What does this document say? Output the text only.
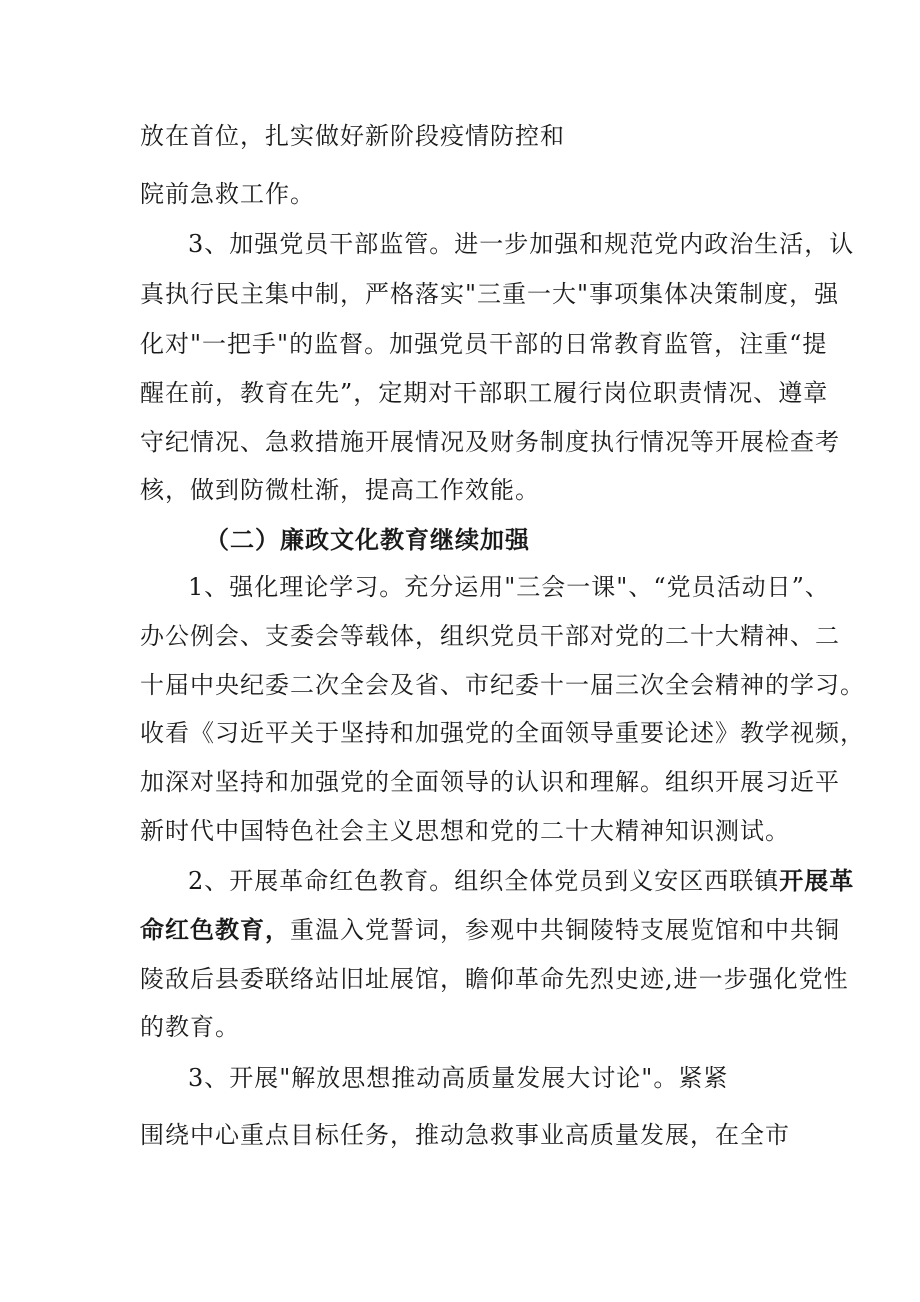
放在首位，扎实做好新阶段疫情防控和
院前急救工作。
3、加强党员干部监管。进一步加强和规范党内政治生活，认
真执行民主集中制，严格落实"三重一大"事项集体决策制度，强
化对"一把手"的监督。加强党员干部的日常教育监管，注重“提
醒在前，教育在先”，定期对干部职工履行岗位职责情况、遵章
守纪情况、急救措施开展情况及财务制度执行情况等开展检查考
核，做到防微杜渐，提高工作效能。
（二）廉政文化教育继续加强
1、强化理论学习。充分运用"三会一课"、“党员活动日”、
办公例会、支委会等载体，组织党员干部对党的二十大精神、二
十届中央纪委二次全会及省、市纪委十一届三次全会精神的学习。
收看《习近平关于坚持和加强党的全面领导重要论述》教学视频，
加深对坚持和加强党的全面领导的认识和理解。组织开展习近平
新时代中国特色社会主义思想和党的二十大精神知识测试。
2、开展革命红色教育。组织全体党员到义安区西联镇开展革
命红色教育，重温入党誓词，参观中共铜陵特支展览馆和中共铜
陵敌后县委联络站旧址展馆，瞻仰革命先烈史迹,进一步强化党性
的教育。
3、开展"解放思想推动高质量发展大讨论"。紧紧
围绕中心重点目标任务，推动急救事业高质量发展，在全市
